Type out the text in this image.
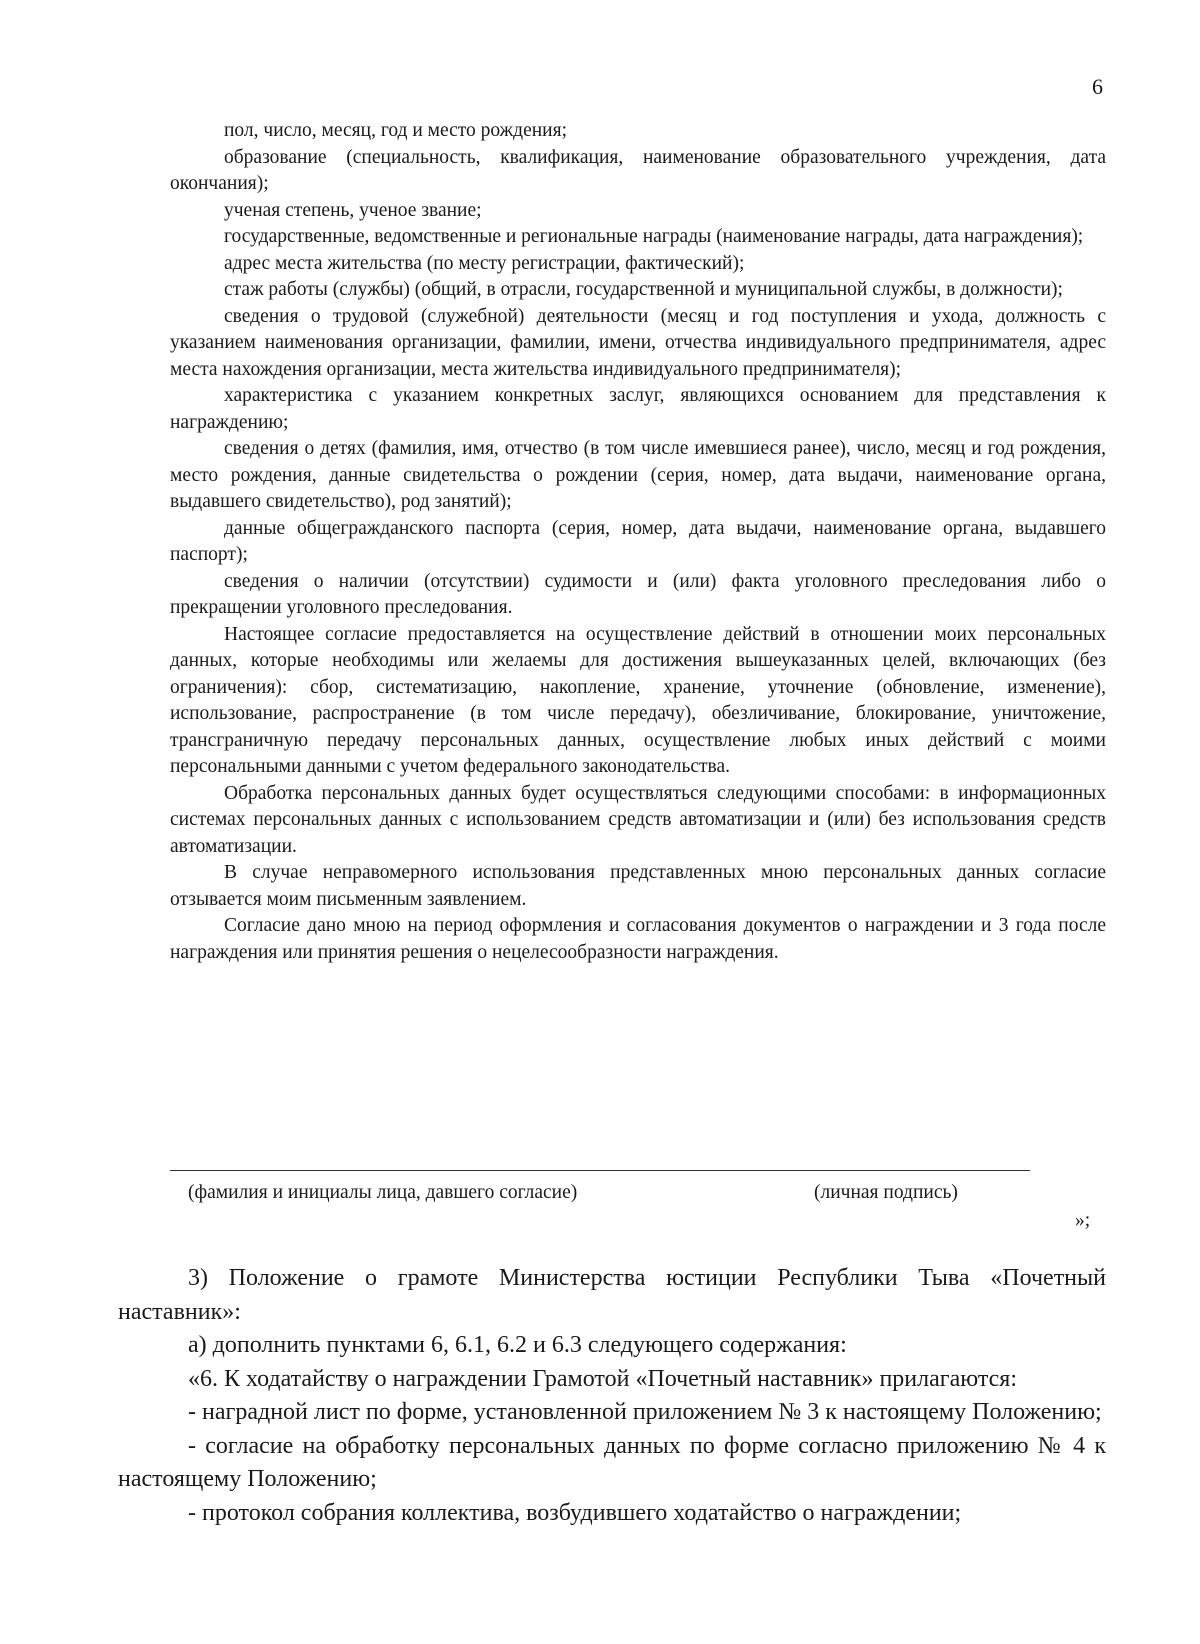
6

пол, число, месяц, год и место рождения;

образование (специальность, квалификация, наименование образовательного учреждения, дата окончания);

ученая степень, ученое звание;

государственные, ведомственные и региональные награды (наименование награды, дата награждения);

адрес места жительства (по месту регистрации, фактический);

стаж работы (службы) (общий, в отрасли, государственной и муниципальной службы, в должности);

сведения о трудовой (служебной) деятельности (месяц и год поступления и ухода, должность с указанием наименования организации, фамилии, имени, отчества индивидуального предпринимателя, адрес места нахождения организации, места жительства индивидуального предпринимателя);

характеристика с указанием конкретных заслуг, являющихся основанием для представления к награждению;

сведения о детях (фамилия, имя, отчество (в том числе имевшиеся ранее), число, месяц и год рождения, место рождения, данные свидетельства о рождении (серия, номер, дата выдачи, наименование органа, выдавшего свидетельство), род занятий);

данные общегражданского паспорта (серия, номер, дата выдачи, наименование органа, выдавшего паспорт);

сведения о наличии (отсутствии) судимости и (или) факта уголовного преследования либо о прекращении уголовного преследования.

Настоящее согласие предоставляется на осуществление действий в отношении моих персональных данных, которые необходимы или желаемы для достижения вышеуказанных целей, включающих (без ограничения): сбор, систематизацию, накопление, хранение, уточнение (обновление, изменение), использование, распространение (в том числе передачу), обезличивание, блокирование, уничтожение, трансграничную передачу персональных данных, осуществление любых иных действий с моими персональными данными с учетом федерального законодательства.

Обработка персональных данных будет осуществляться следующими способами: в информационных системах персональных данных с использованием средств автоматизации и (или) без использования средств автоматизации.

В случае неправомерного использования представленных мною персональных данных согласие отзывается моим письменным заявлением.

Согласие дано мною на период оформления и согласования документов о награждении и 3 года после награждения или принятия решения о нецелесообразности награждения.

(фамилия и инициалы лица, давшего согласие)	(личная подпись)
»;

3) Положение о грамоте Министерства юстиции Республики Тыва «Почетный наставник»:

а) дополнить пунктами 6, 6.1, 6.2 и 6.3 следующего содержания:

«6. К ходатайству о награждении Грамотой «Почетный наставник» прилагаются:

- наградной лист по форме, установленной приложением № 3 к настоящему Положению;

- согласие на обработку персональных данных по форме согласно приложению № 4 к настоящему Положению;

- протокол собрания коллектива, возбудившего ходатайство о награждении;
